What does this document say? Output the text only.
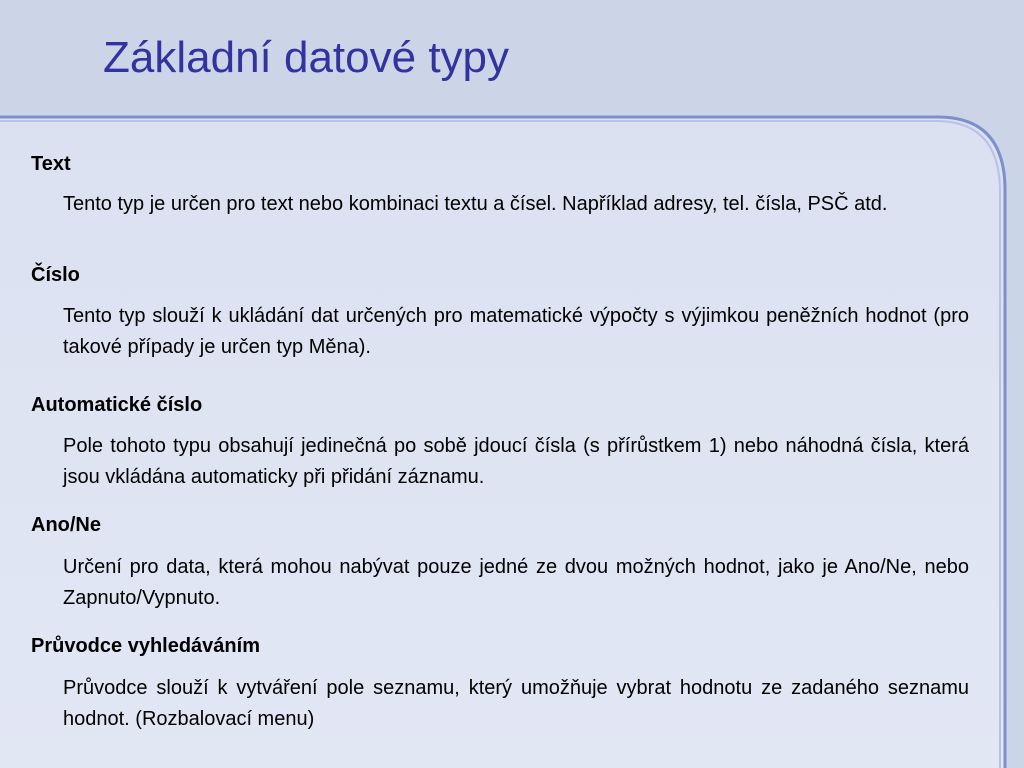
Základní datové typy

Text

Tento typ je určen pro text nebo kombinaci textu a čísel. Například adresy, tel. čísla, PSČ atd.

Číslo

Tento typ slouží k ukládání dat určených pro matematické výpočty s výjimkou peněžních hodnot (pro takové případy je určen typ Měna).

Automatické číslo

Pole tohoto typu obsahují jedinečná po sobě jdoucí čísla (s přírůstkem 1) nebo náhodná čísla, která jsou vkládána automaticky při přidání záznamu.

Ano/Ne

Určení pro data, která mohou nabývat pouze jedné ze dvou možných hodnot, jako je Ano/Ne, nebo Zapnuto/Vypnuto.

Průvodce vyhledáváním

Průvodce slouží k vytváření pole seznamu, který umožňuje vybrat hodnotu ze zadaného seznamu hodnot. (Rozbalovací menu)
